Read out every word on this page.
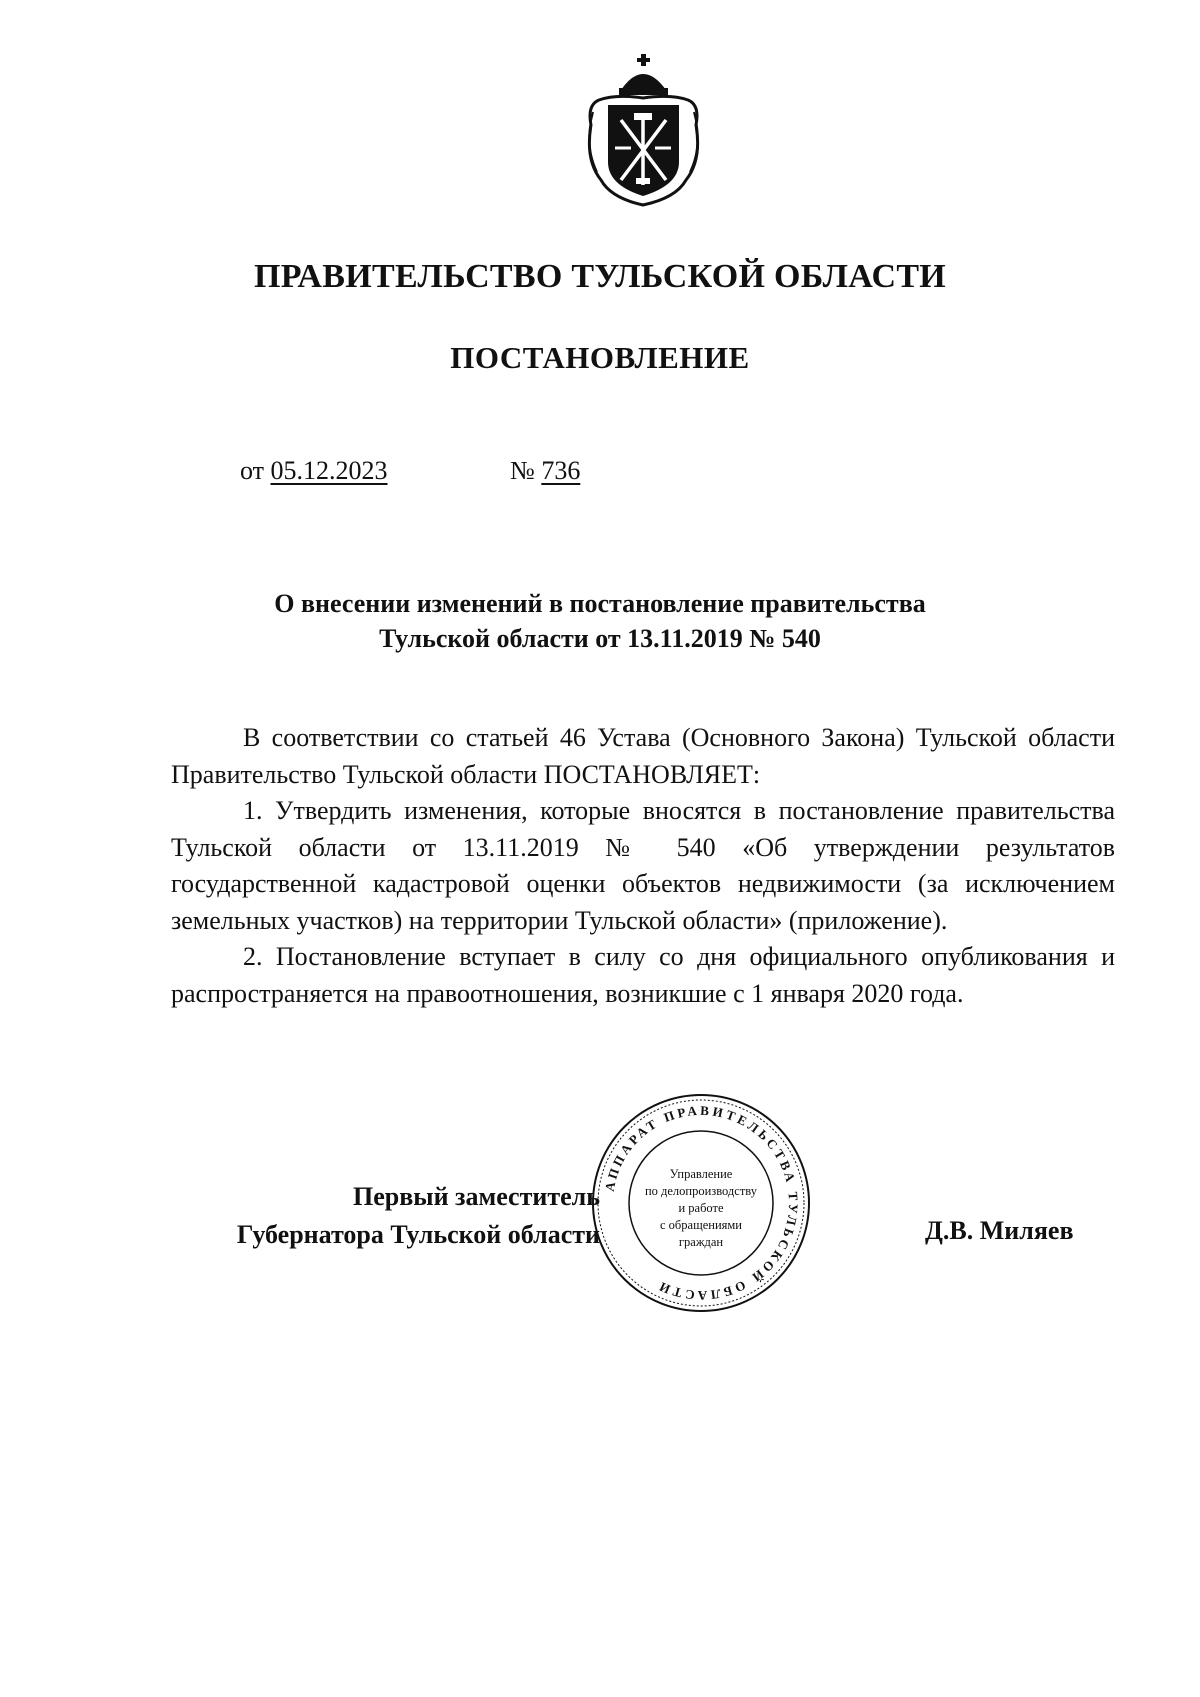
ПРАВИТЕЛЬСТВО ТУЛЬСКОЙ ОБЛАСТИ
ПОСТАНОВЛЕНИЕ
от 05.12.2023	№ 736
О внесении изменений в постановление правительства
Тульской области от 13.11.2019 № 540

В соответствии со статьей 46 Устава (Основного Закона) Тульской области Правительство Тульской области ПОСТАНОВЛЯЕТ:

1. Утвердить изменения, которые вносятся в постановление правительства Тульской области от 13.11.2019 № 540 «Об утверждении результатов государственной кадастровой оценки объектов недвижимости (за исключением земельных участков) на территории Тульской области» (приложение).

2. Постановление вступает в силу со дня официального опубликования и распространяется на правоотношения, возникшие с 1 января 2020 года.

Первый заместитель
Губернатора Тульской области
АППАРАТ ПРАВИТЕЛЬСТВА ТУЛЬСКОЙ ОБЛАСТИ
Управление
по делопроизводству
и работе
с обращениями
граждан	Д.В. Миляев
